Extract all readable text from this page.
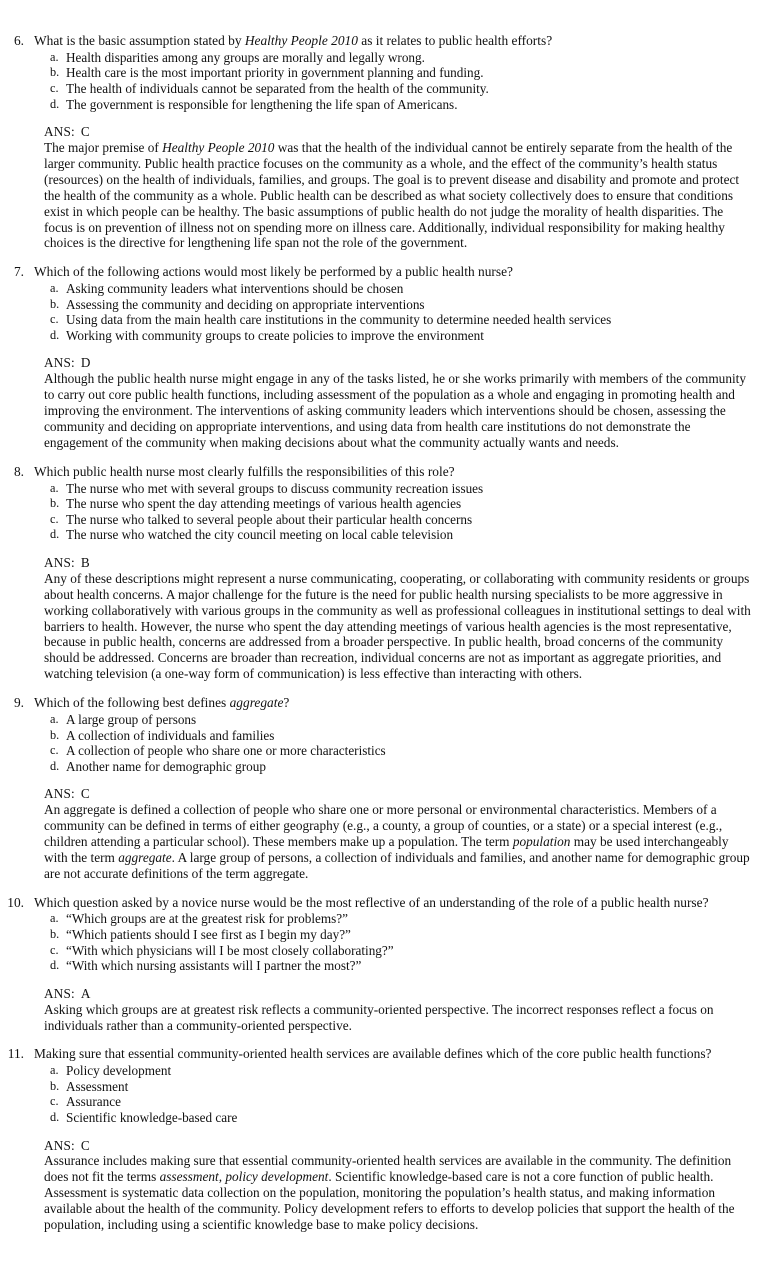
6. What is the basic assumption stated by Healthy People 2010 as it relates to public health efforts?
a. Health disparities among any groups are morally and legally wrong.
b. Health care is the most important priority in government planning and funding.
c. The health of individuals cannot be separated from the health of the community.
d. The government is responsible for lengthening the life span of Americans.
ANS: C
The major premise of Healthy People 2010 was that the health of the individual cannot be entirely separate from the health of the larger community. Public health practice focuses on the community as a whole, and the effect of the community’s health status (resources) on the health of individuals, families, and groups. The goal is to prevent disease and disability and promote and protect the health of the community as a whole. Public health can be described as what society collectively does to ensure that conditions exist in which people can be healthy. The basic assumptions of public health do not judge the morality of health disparities. The focus is on prevention of illness not on spending more on illness care. Additionally, individual responsibility for making healthy choices is the directive for lengthening life span not the role of the government.
7. Which of the following actions would most likely be performed by a public health nurse?
a. Asking community leaders what interventions should be chosen
b. Assessing the community and deciding on appropriate interventions
c. Using data from the main health care institutions in the community to determine needed health services
d. Working with community groups to create policies to improve the environment
ANS: D
Although the public health nurse might engage in any of the tasks listed, he or she works primarily with members of the community to carry out core public health functions, including assessment of the population as a whole and engaging in promoting health and improving the environment. The interventions of asking community leaders which interventions should be chosen, assessing the community and deciding on appropriate interventions, and using data from health care institutions do not demonstrate the engagement of the community when making decisions about what the community actually wants and needs.
8. Which public health nurse most clearly fulfills the responsibilities of this role?
a. The nurse who met with several groups to discuss community recreation issues
b. The nurse who spent the day attending meetings of various health agencies
c. The nurse who talked to several people about their particular health concerns
d. The nurse who watched the city council meeting on local cable television
ANS: B
Any of these descriptions might represent a nurse communicating, cooperating, or collaborating with community residents or groups about health concerns. A major challenge for the future is the need for public health nursing specialists to be more aggressive in working collaboratively with various groups in the community as well as professional colleagues in institutional settings to deal with barriers to health. However, the nurse who spent the day attending meetings of various health agencies is the most representative, because in public health, concerns are addressed from a broader perspective. In public health, broad concerns of the community should be addressed. Concerns are broader than recreation, individual concerns are not as important as aggregate priorities, and watching television (a one-way form of communication) is less effective than interacting with others.
9. Which of the following best defines aggregate?
a. A large group of persons
b. A collection of individuals and families
c. A collection of people who share one or more characteristics
d. Another name for demographic group
ANS: C
An aggregate is defined a collection of people who share one or more personal or environmental characteristics. Members of a community can be defined in terms of either geography (e.g., a county, a group of counties, or a state) or a special interest (e.g., children attending a particular school). These members make up a population. The term population may be used interchangeably with the term aggregate. A large group of persons, a collection of individuals and families, and another name for demographic group are not accurate definitions of the term aggregate.
10. Which question asked by a novice nurse would be the most reflective of an understanding of the role of a public health nurse?
a. “Which groups are at the greatest risk for problems?”
b. “Which patients should I see first as I begin my day?”
c. “With which physicians will I be most closely collaborating?”
d. “With which nursing assistants will I partner the most?”
ANS: A
Asking which groups are at greatest risk reflects a community-oriented perspective. The incorrect responses reflect a focus on individuals rather than a community-oriented perspective.
11. Making sure that essential community-oriented health services are available defines which of the core public health functions?
a. Policy development
b. Assessment
c. Assurance
d. Scientific knowledge-based care
ANS: C
Assurance includes making sure that essential community-oriented health services are available in the community. The definition does not fit the terms assessment, policy development. Scientific knowledge-based care is not a core function of public health. Assessment is systematic data collection on the population, monitoring the population’s health status, and making information available about the health of the community. Policy development refers to efforts to develop policies that support the health of the population, including using a scientific knowledge base to make policy decisions.
